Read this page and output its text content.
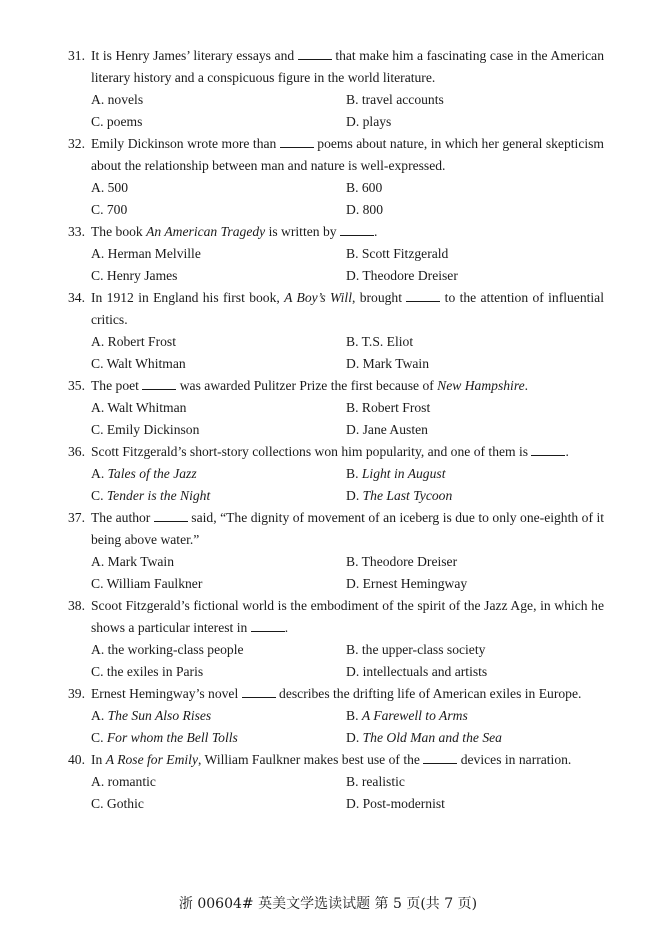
31. It is Henry James’ literary essays and	that make him a fascinating case in the American literary history and a conspicuous figure in the world literature.
A. novels	B. travel accounts
C. poems	D. plays
32. Emily Dickinson wrote more than	poems about nature, in which her general skepticism about the relationship between man and nature is well-expressed.
A. 500	B. 600
C. 700	D. 800
33. The book An American Tragedy is written by	.
A. Herman Melville	B. Scott Fitzgerald
C. Henry James	D. Theodore Dreiser
34. In 1912 in England his first book, A Boy’s Will, brought	to the attention of influential critics.
A. Robert Frost	B. T.S. Eliot
C. Walt Whitman	D. Mark Twain
35. The poet	was awarded Pulitzer Prize the first because of New Hampshire.
A. Walt Whitman	B. Robert Frost
C. Emily Dickinson	D. Jane Austen
36. Scott Fitzgerald’s short-story collections won him popularity, and one of them is	.
A. Tales of the Jazz	B. Light in August
C. Tender is the Night	D. The Last Tycoon
37. The author	said, “The dignity of movement of an iceberg is due to only one-eighth of it being above water.”
A. Mark Twain	B. Theodore Dreiser
C. William Faulkner	D. Ernest Hemingway
38. Scoot Fitzgerald’s fictional world is the embodiment of the spirit of the Jazz Age, in which he shows a particular interest in	.
A. the working-class people	B. the upper-class society
C. the exiles in Paris	D. intellectuals and artists
39. Ernest Hemingway’s novel	describes the drifting life of American exiles in Europe.
A. The Sun Also Rises	B. A Farewell to Arms
C. For whom the Bell Tolls	D. The Old Man and the Sea
40. In A Rose for Emily, William Faulkner makes best use of the	devices in narration.
A. romantic	B. realistic
C. Gothic	D. Post-modernist
浙 00604# 英美文学选读试题 第 5 页(共 7 页)
